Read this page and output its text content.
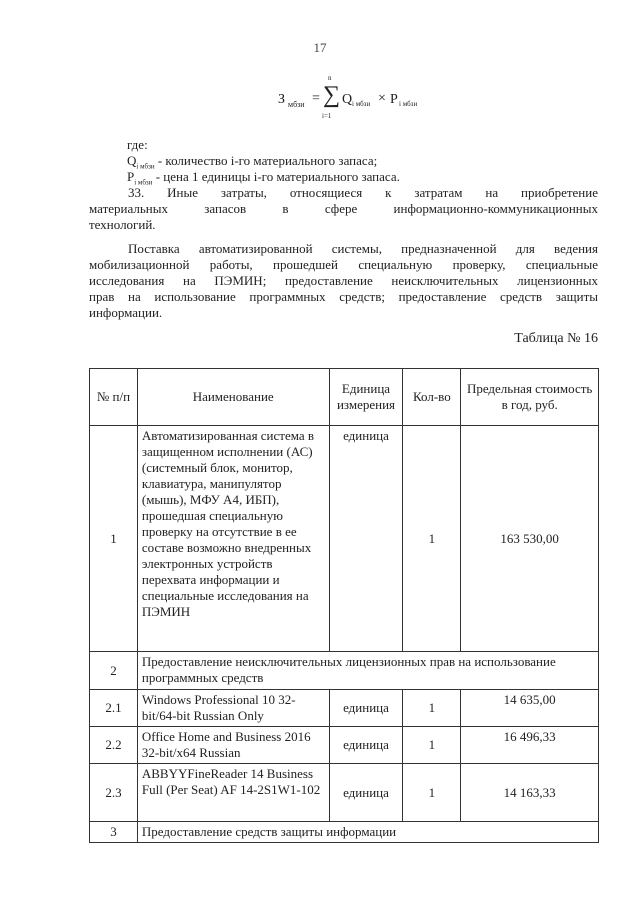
17
З мбзи =
n
∑
i=1
Q i мбзи × P i мбзи
где:
$Q_{i мбзи}$ - количество i-го материального запаса;
$P_{i мбзи}$ - цена 1 единицы i-го материального запаса.
33. Иные затраты, относящиеся к затратам на приобретение
материальных запасов в сфере информационно-коммуникационных
технологий.
Поставка автоматизированной системы, предназначенной для ведения
мобилизационной работы, прошедшей специальную проверку, специальные
исследования на ПЭМИН; предоставление неисключительных лицензионных
прав на использование программных средств; предоставление средств защиты
информации.
Таблица № 16
№ п/п	Наименование	Единица измерения	Кол-во	Предельная стоимость в год, руб.
1	Автоматизированная система в защищенном исполнении (АС) (системный блок, монитор, клавиатура, манипулятор (мышь), МФУ А4, ИБП), прошедшая специальную проверку на отсутствие в ее составе возможно внедренных электронных устройств перехвата информации и специальные исследования на ПЭМИН	единица	1	163 530,00
2	Предоставление неисключительных лицензионных прав на использование программных средств			
2.1	Windows Professional 10 32-bit/64-bit Russian Only	единица	1	14 635,00
2.2	Office Home and Business 2016 32-bit/x64 Russian	единица	1	16 496,33
2.3	ABBYYFineReader 14 Business Full (Per Seat) AF 14-2S1W1-102	единица	1	14 163,33
3	Предоставление средств защиты информации			
